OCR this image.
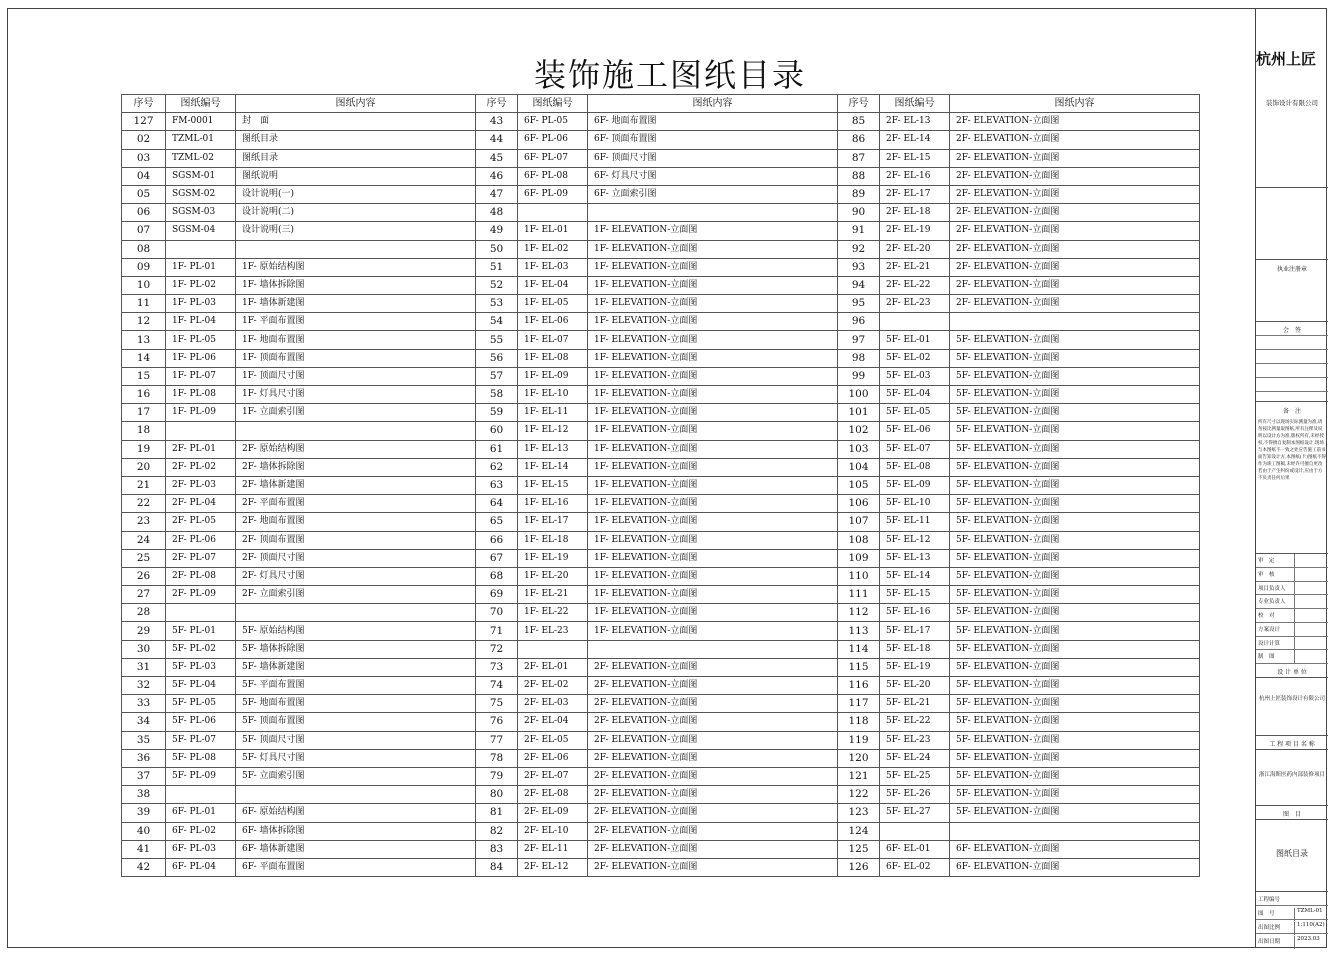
装饰施工图纸目录
序号	图纸编号	图纸内容
127	FM-0001	封　面
02	TZML-01	图纸目录
03	TZML-02	图纸目录
04	SGSM-01	图纸说明
05	SGSM-02	设计说明(一)
06	SGSM-03	设计说明(二)
07	SGSM-04	设计说明(三)
08		
09	1F- PL-01	1F- 原始结构图
10	1F- PL-02	1F- 墙体拆除图
11	1F- PL-03	1F- 墙体新建图
12	1F- PL-04	1F- 平面布置图
13	1F- PL-05	1F- 地面布置图
14	1F- PL-06	1F- 顶面布置图
15	1F- PL-07	1F- 顶面尺寸图
16	1F- PL-08	1F- 灯具尺寸图
17	1F- PL-09	1F- 立面索引图
18		
19	2F- PL-01	2F- 原始结构图
20	2F- PL-02	2F- 墙体拆除图
21	2F- PL-03	2F- 墙体新建图
22	2F- PL-04	2F- 平面布置图
23	2F- PL-05	2F- 地面布置图
24	2F- PL-06	2F- 顶面布置图
25	2F- PL-07	2F- 顶面尺寸图
26	2F- PL-08	2F- 灯具尺寸图
27	2F- PL-09	2F- 立面索引图
28		
29	5F- PL-01	5F- 原始结构图
30	5F- PL-02	5F- 墙体拆除图
31	5F- PL-03	5F- 墙体新建图
32	5F- PL-04	5F- 平面布置图
33	5F- PL-05	5F- 地面布置图
34	5F- PL-06	5F- 顶面布置图
35	5F- PL-07	5F- 顶面尺寸图
36	5F- PL-08	5F- 灯具尺寸图
37	5F- PL-09	5F- 立面索引图
38		
39	6F- PL-01	6F- 原始结构图
40	6F- PL-02	6F- 墙体拆除图
41	6F- PL-03	6F- 墙体新建图
42	6F- PL-04	6F- 平面布置图
序号	图纸编号	图纸内容
43	6F- PL-05	6F- 地面布置图
44	6F- PL-06	6F- 顶面布置图
45	6F- PL-07	6F- 顶面尺寸图
46	6F- PL-08	6F- 灯具尺寸图
47	6F- PL-09	6F- 立面索引图
48		
49	1F- EL-01	1F- ELEVATION-立面图
50	1F- EL-02	1F- ELEVATION-立面图
51	1F- EL-03	1F- ELEVATION-立面图
52	1F- EL-04	1F- ELEVATION-立面图
53	1F- EL-05	1F- ELEVATION-立面图
54	1F- EL-06	1F- ELEVATION-立面图
55	1F- EL-07	1F- ELEVATION-立面图
56	1F- EL-08	1F- ELEVATION-立面图
57	1F- EL-09	1F- ELEVATION-立面图
58	1F- EL-10	1F- ELEVATION-立面图
59	1F- EL-11	1F- ELEVATION-立面图
60	1F- EL-12	1F- ELEVATION-立面图
61	1F- EL-13	1F- ELEVATION-立面图
62	1F- EL-14	1F- ELEVATION-立面图
63	1F- EL-15	1F- ELEVATION-立面图
64	1F- EL-16	1F- ELEVATION-立面图
65	1F- EL-17	1F- ELEVATION-立面图
66	1F- EL-18	1F- ELEVATION-立面图
67	1F- EL-19	1F- ELEVATION-立面图
68	1F- EL-20	1F- ELEVATION-立面图
69	1F- EL-21	1F- ELEVATION-立面图
70	1F- EL-22	1F- ELEVATION-立面图
71	1F- EL-23	1F- ELEVATION-立面图
72		
73	2F- EL-01	2F- ELEVATION-立面图
74	2F- EL-02	2F- ELEVATION-立面图
75	2F- EL-03	2F- ELEVATION-立面图
76	2F- EL-04	2F- ELEVATION-立面图
77	2F- EL-05	2F- ELEVATION-立面图
78	2F- EL-06	2F- ELEVATION-立面图
79	2F- EL-07	2F- ELEVATION-立面图
80	2F- EL-08	2F- ELEVATION-立面图
81	2F- EL-09	2F- ELEVATION-立面图
82	2F- EL-10	2F- ELEVATION-立面图
83	2F- EL-11	2F- ELEVATION-立面图
84	2F- EL-12	2F- ELEVATION-立面图
序号	图纸编号	图纸内容
85	2F- EL-13	2F- ELEVATION-立面图
86	2F- EL-14	2F- ELEVATION-立面图
87	2F- EL-15	2F- ELEVATION-立面图
88	2F- EL-16	2F- ELEVATION-立面图
89	2F- EL-17	2F- ELEVATION-立面图
90	2F- EL-18	2F- ELEVATION-立面图
91	2F- EL-19	2F- ELEVATION-立面图
92	2F- EL-20	2F- ELEVATION-立面图
93	2F- EL-21	2F- ELEVATION-立面图
94	2F- EL-22	2F- ELEVATION-立面图
95	2F- EL-23	2F- ELEVATION-立面图
96		
97	5F- EL-01	5F- ELEVATION-立面图
98	5F- EL-02	5F- ELEVATION-立面图
99	5F- EL-03	5F- ELEVATION-立面图
100	5F- EL-04	5F- ELEVATION-立面图
101	5F- EL-05	5F- ELEVATION-立面图
102	5F- EL-06	5F- ELEVATION-立面图
103	5F- EL-07	5F- ELEVATION-立面图
104	5F- EL-08	5F- ELEVATION-立面图
105	5F- EL-09	5F- ELEVATION-立面图
106	5F- EL-10	5F- ELEVATION-立面图
107	5F- EL-11	5F- ELEVATION-立面图
108	5F- EL-12	5F- ELEVATION-立面图
109	5F- EL-13	5F- ELEVATION-立面图
110	5F- EL-14	5F- ELEVATION-立面图
111	5F- EL-15	5F- ELEVATION-立面图
112	5F- EL-16	5F- ELEVATION-立面图
113	5F- EL-17	5F- ELEVATION-立面图
114	5F- EL-18	5F- ELEVATION-立面图
115	5F- EL-19	5F- ELEVATION-立面图
116	5F- EL-20	5F- ELEVATION-立面图
117	5F- EL-21	5F- ELEVATION-立面图
118	5F- EL-22	5F- ELEVATION-立面图
119	5F- EL-23	5F- ELEVATION-立面图
120	5F- EL-24	5F- ELEVATION-立面图
121	5F- EL-25	5F- ELEVATION-立面图
122	5F- EL-26	5F- ELEVATION-立面图
123	5F- EL-27	5F- ELEVATION-立面图
124		
125	6F- EL-01	6F- ELEVATION-立面图
126	6F- EL-02	6F- ELEVATION-立面图
杭州上匠
装饰设计有限公司
执业注册章
会　签
备　注
所有尺寸以现场实际测量为准,请勿按比例量取图纸,所有注释及说明以设计方为准,版权所有,未经授权,不得擅自复制本图纸设计,现场与本图纸不一致之处应告施工前书面告知设计方,本图纸(卡)图纸不得作为竣工图稿,未经许可擅自更改若由于产生纠纷或设计,应由于方不负责任何后果
审　定
审　核
项目负责人
专业负责人
校　对
方案设计
设计计算
制　图
设 计 单 位
杭州上匠装饰设计有限公司
工 程 项 目 名 称
浙江海斯医药内部装修项目
图　目
图纸目录
工程编号
图　号	TZML-01
出图比例	1:110(A2)
出图日期	2023.03
